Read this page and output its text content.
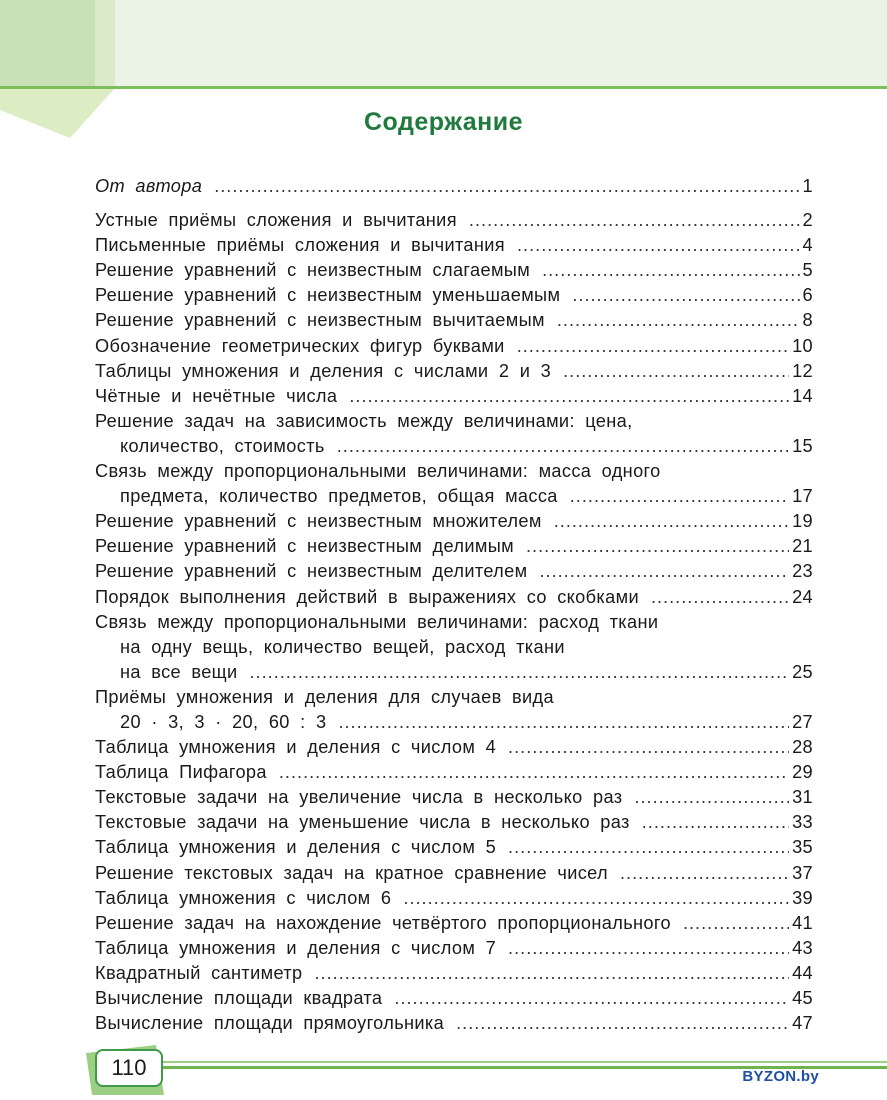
Содержание
От автора .....	1
Устные приёмы сложения и вычитания .....	2
Письменные приёмы сложения и вычитания .....	4
Решение уравнений с неизвестным слагаемым .....	5
Решение уравнений с неизвестным уменьшаемым .....	6
Решение уравнений с неизвестным вычитаемым .....	8
Обозначение геометрических фигур буквами .....	10
Таблицы умножения и деления с числами 2 и 3 .....	12
Чётные и нечётные числа .....	14
Решение задач на зависимость между величинами: цена,
количество, стоимость .....	15
Связь между пропорциональными величинами: масса одного
предмета, количество предметов, общая масса .....	17
Решение уравнений с неизвестным множителем .....	19
Решение уравнений с неизвестным делимым .....	21
Решение уравнений с неизвестным делителем .....	23
Порядок выполнения действий в выражениях со скобками .....	24
Связь между пропорциональными величинами: расход ткани
на одну вещь, количество вещей, расход ткани
на все вещи .....	25
Приёмы умножения и деления для случаев вида
20 · 3, 3 · 20, 60 : 3 .....	27
Таблица умножения и деления с числом 4 .....	28
Таблица Пифагора .....	29
Текстовые задачи на увеличение числа в несколько раз .....	31
Текстовые задачи на уменьшение числа в несколько раз .....	33
Таблица умножения и деления с числом 5 .....	35
Решение текстовых задач на кратное сравнение чисел .....	37
Таблица умножения с числом 6 .....	39
Решение задач на нахождение четвёртого пропорционального .....	41
Таблица умножения и деления с числом 7 .....	43
Квадратный сантиметр .....	44
Вычисление площади квадрата .....	45
Вычисление площади прямоугольника .....	47
110	BYZON.by
